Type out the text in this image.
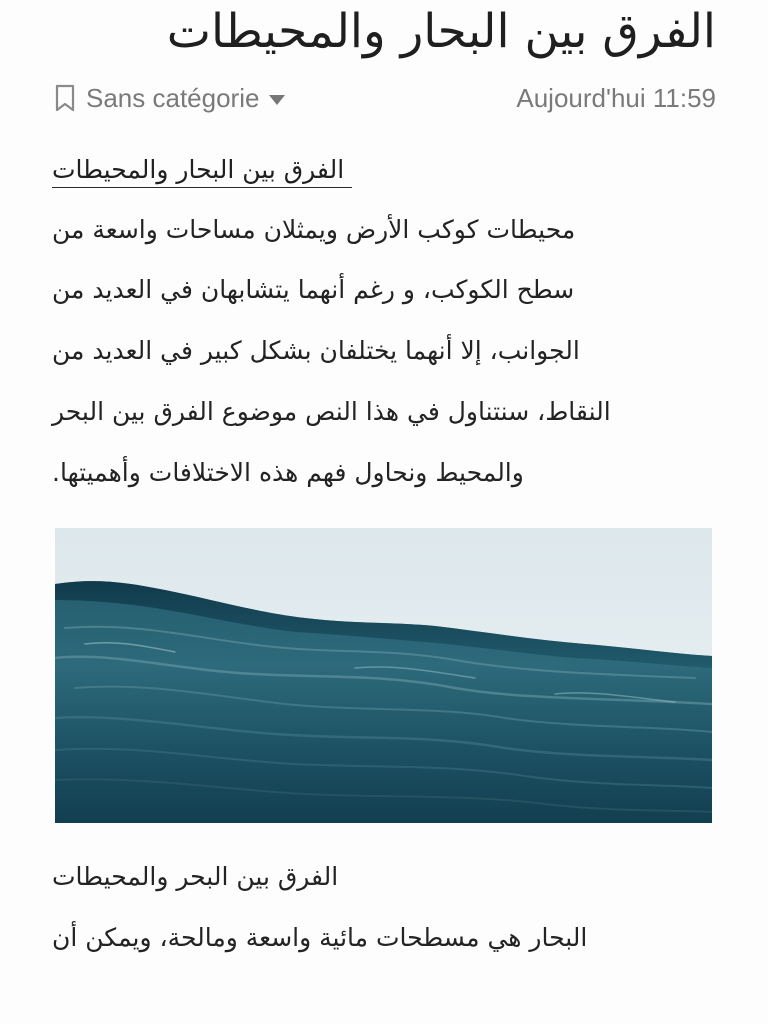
الفرق بين البحار والمحيطات
Sans catégorie	Aujourd'hui 11:59
الفرق بين البحار والمحيطات
محيطات كوكب الأرض ويمثلان مساحات واسعة من
سطح الكوكب، و رغم أنهما يتشابهان في العديد من
الجوانب، إلا أنهما يختلفان بشكل كبير في العديد من
النقاط، سنتناول في هذا النص موضوع الفرق بين البحر
والمحيط ونحاول فهم هذه الاختلافات وأهميتها.
الفرق بين البحر والمحيطات
البحار هي مسطحات مائية واسعة ومالحة، ويمكن أن
